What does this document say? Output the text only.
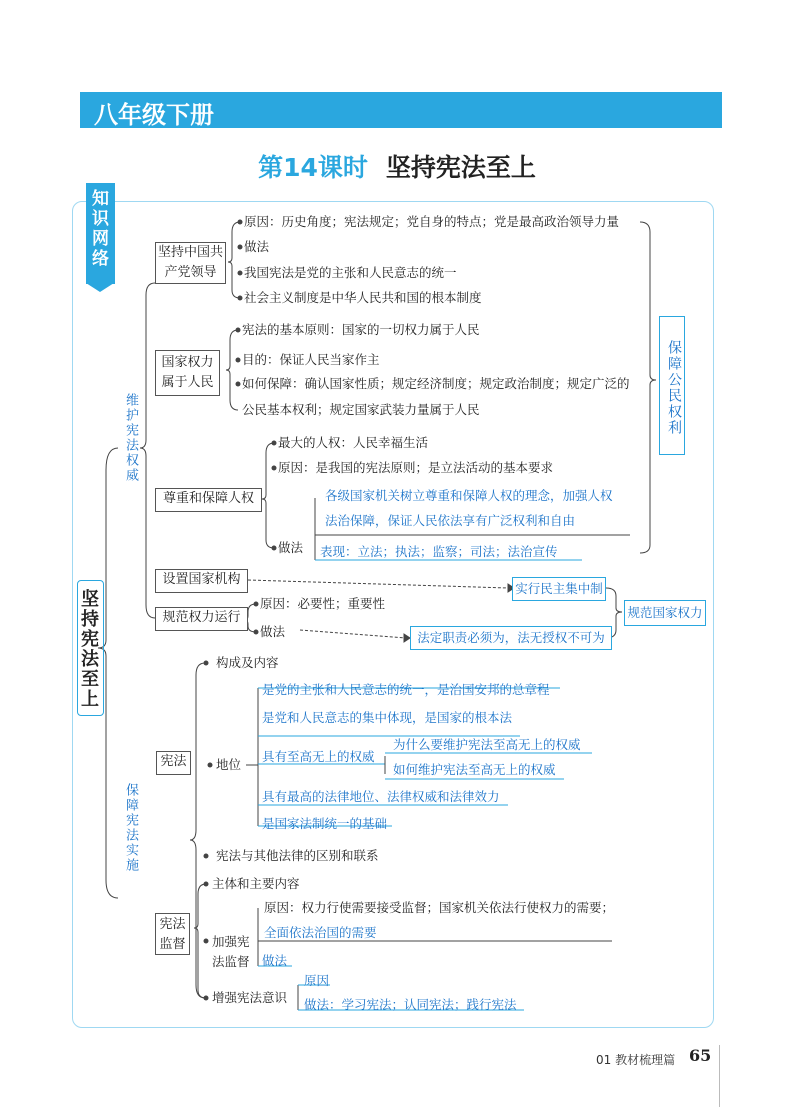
八年级下册
第14课时 坚持宪法至上
知识网络
坚持宪法至上
维护宪法权威
保障宪法实施
保障公民权利
规范国家权力
坚持中国共产党领导
国家权力属于人民
尊重和保障人权
设置国家机构
规范权力运行
宪法
宪法监督
原因：历史角度；宪法规定；党自身的特点；党是最高政治领导力量
做法
我国宪法是党的主张和人民意志的统一
社会主义制度是中华人民共和国的根本制度
宪法的基本原则：国家的一切权力属于人民
目的：保证人民当家作主
如何保障：确认国家性质；规定经济制度；规定政治制度；规定广泛的
公民基本权利；规定国家武装力量属于人民
最大的人权：人民幸福生活
原因：是我国的宪法原则；是立法活动的基本要求
做法
各级国家机关树立尊重和保障人权的理念，加强人权
法治保障，保证人民依法享有广泛权利和自由
表现：立法；执法；监察；司法；法治宣传
原因：必要性；重要性
做法
实行民主集中制
法定职责必须为，法无授权不可为
构成及内容
地位
宪法与其他法律的区别和联系
是党的主张和人民意志的统一，是治国安邦的总章程
是党和人民意志的集中体现，是国家的根本法
具有至高无上的权威
具有最高的法律地位、法律权威和法律效力
是国家法制统一的基础
为什么要维护宪法至高无上的权威
如何维护宪法至高无上的权威
主体和主要内容
加强宪法监督
增强宪法意识
原因：权力行使需要接受监督；国家机关依法行使权力的需要；
全面依法治国的需要
做法
原因
做法：学习宪法；认同宪法；践行宪法
01 教材梳理篇 65
